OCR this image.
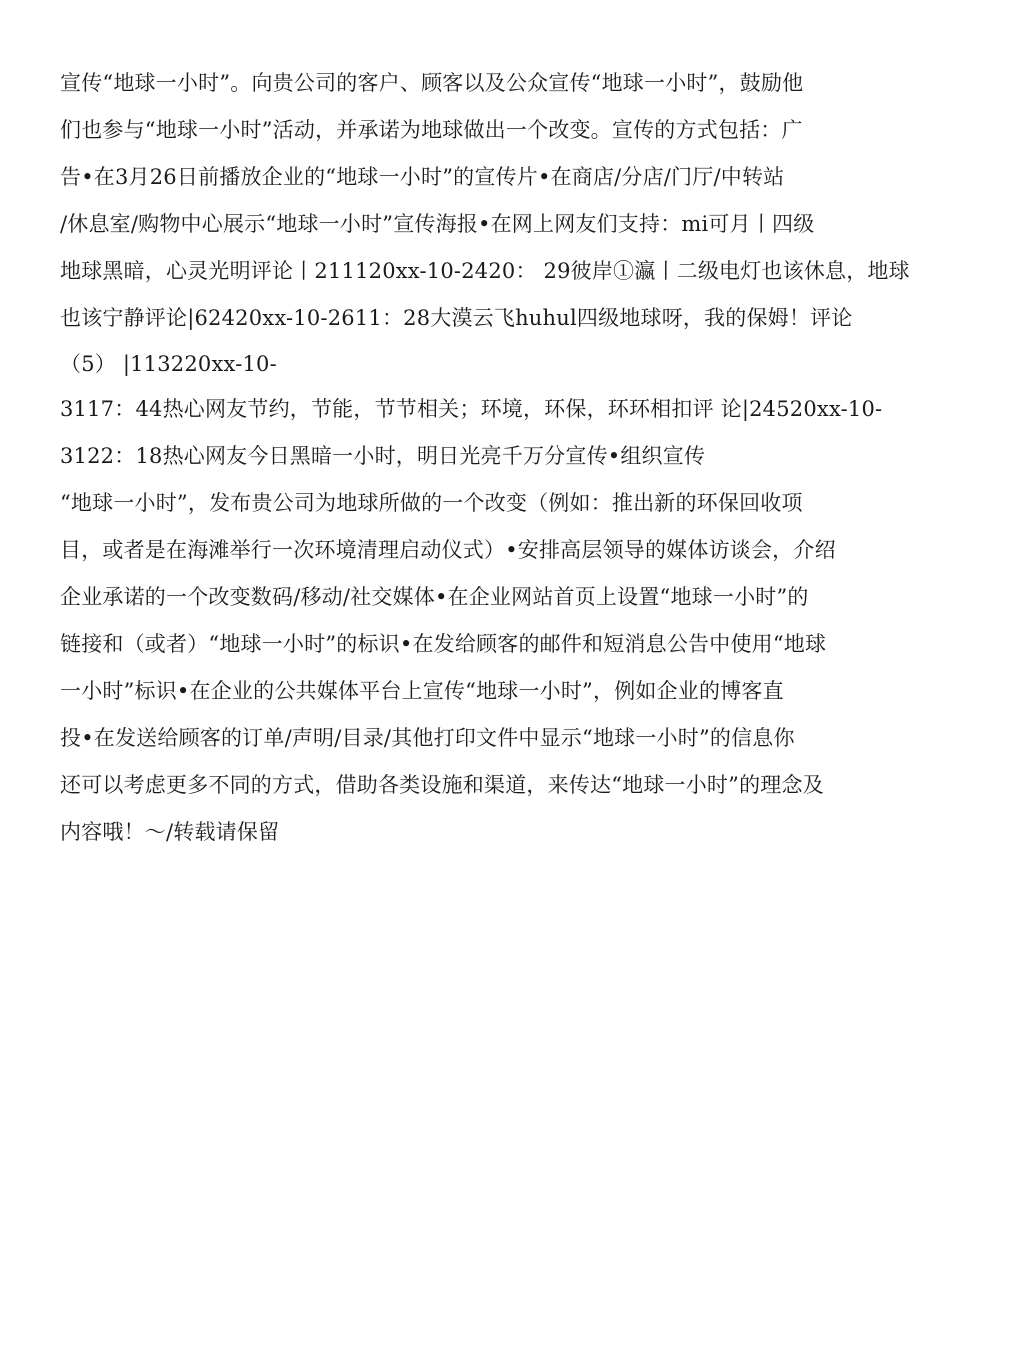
宣传“地球一小时”。向贵公司的客户、顾客以及公众宣传“地球一小时”，鼓励他
们也参与“地球一小时”活动，并承诺为地球做出一个改变。宣传的方式包括：广
告•在3月26日前播放企业的“地球一小时”的宣传片•在商店/分店/门厅/中转站
/休息室/购物中心展示“地球一小时”宣传海报•在网上网友们支持：mi可月丨四级
地球黑暗，心灵光明评论丨211120xx-10-2420： 29彼岸①瀛丨二级电灯也该休息，地球
也该宁静评论|62420xx-10-2611：28大漠云飞huhul四级地球呀，我的保姆！评论
（5） |113220xx-10-
3117：44热心网友节约，节能，节节相关；环境，环保，环环相扣评 论|24520xx-10-
3122：18热心网友今日黑暗一小时，明日光亮千万分宣传•组织宣传
“地球一小时”，发布贵公司为地球所做的一个改变（例如：推出新的环保回收项
目，或者是在海滩举行一次环境清理启动仪式）•安排高层领导的媒体访谈会，介绍
企业承诺的一个改变数码/移动/社交媒体•在企业网站首页上设置“地球一小时”的
链接和（或者）“地球一小时”的标识•在发给顾客的邮件和短消息公告中使用“地球
一小时”标识•在企业的公共媒体平台上宣传“地球一小时”，例如企业的博客直
投•在发送给顾客的订单/声明/目录/其他打印文件中显示“地球一小时”的信息你
还可以考虑更多不同的方式，借助各类设施和渠道，来传达“地球一小时”的理念及
内容哦！～/转载请保留
